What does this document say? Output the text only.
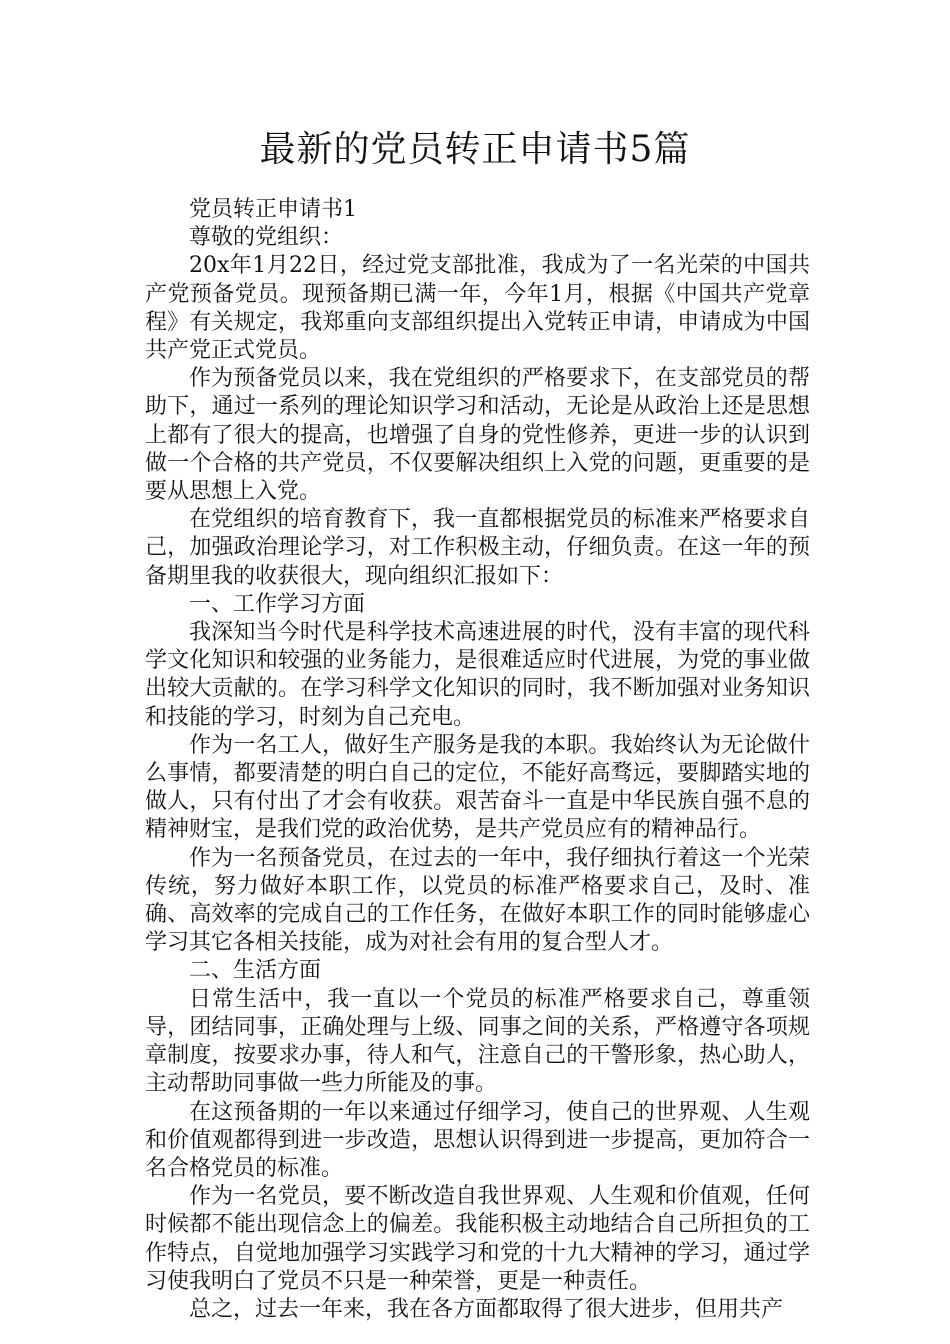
最新的党员转正申请书5篇

党员转正申请书1

尊敬的党组织：

20x年1月22日，经过党支部批准，我成为了一名光荣的中国共产党预备党员。现预备期已满一年，今年1月，根据《中国共产党章程》有关规定，我郑重向支部组织提出入党转正申请，申请成为中国共产党正式党员。

作为预备党员以来，我在党组织的严格要求下，在支部党员的帮助下，通过一系列的理论知识学习和活动，无论是从政治上还是思想上都有了很大的提高，也增强了自身的党性修养，更进一步的认识到做一个合格的共产党员，不仅要解决组织上入党的问题，更重要的是要从思想上入党。

在党组织的培育教育下，我一直都根据党员的标准来严格要求自己，加强政治理论学习，对工作积极主动，仔细负责。在这一年的预备期里我的收获很大，现向组织汇报如下：

一、工作学习方面

我深知当今时代是科学技术高速进展的时代，没有丰富的现代科学文化知识和较强的业务能力，是很难适应时代进展，为党的事业做出较大贡献的。在学习科学文化知识的同时，我不断加强对业务知识和技能的学习，时刻为自己充电。

作为一名工人，做好生产服务是我的本职。我始终认为无论做什么事情，都要清楚的明白自己的定位，不能好高骛远，要脚踏实地的做人，只有付出了才会有收获。艰苦奋斗一直是中华民族自强不息的精神财宝，是我们党的政治优势，是共产党员应有的精神品行。

作为一名预备党员，在过去的一年中，我仔细执行着这一个光荣传统，努力做好本职工作，以党员的标准严格要求自己，及时、准确、高效率的完成自己的工作任务，在做好本职工作的同时能够虚心学习其它各相关技能，成为对社会有用的复合型人才。

二、生活方面

日常生活中，我一直以一个党员的标准严格要求自己，尊重领导，团结同事，正确处理与上级、同事之间的关系，严格遵守各项规章制度，按要求办事，待人和气，注意自己的干警形象，热心助人，主动帮助同事做一些力所能及的事。

在这预备期的一年以来通过仔细学习，使自己的世界观、人生观和价值观都得到进一步改造，思想认识得到进一步提高，更加符合一名合格党员的标准。

作为一名党员，要不断改造自我世界观、人生观和价值观，任何时候都不能出现信念上的偏差。我能积极主动地结合自己所担负的工作特点，自觉地加强学习实践学习和党的十九大精神的学习，通过学习使我明白了党员不只是一种荣誉，更是一种责任。

总之，过去一年来，我在各方面都取得了很大进步，但用共产
